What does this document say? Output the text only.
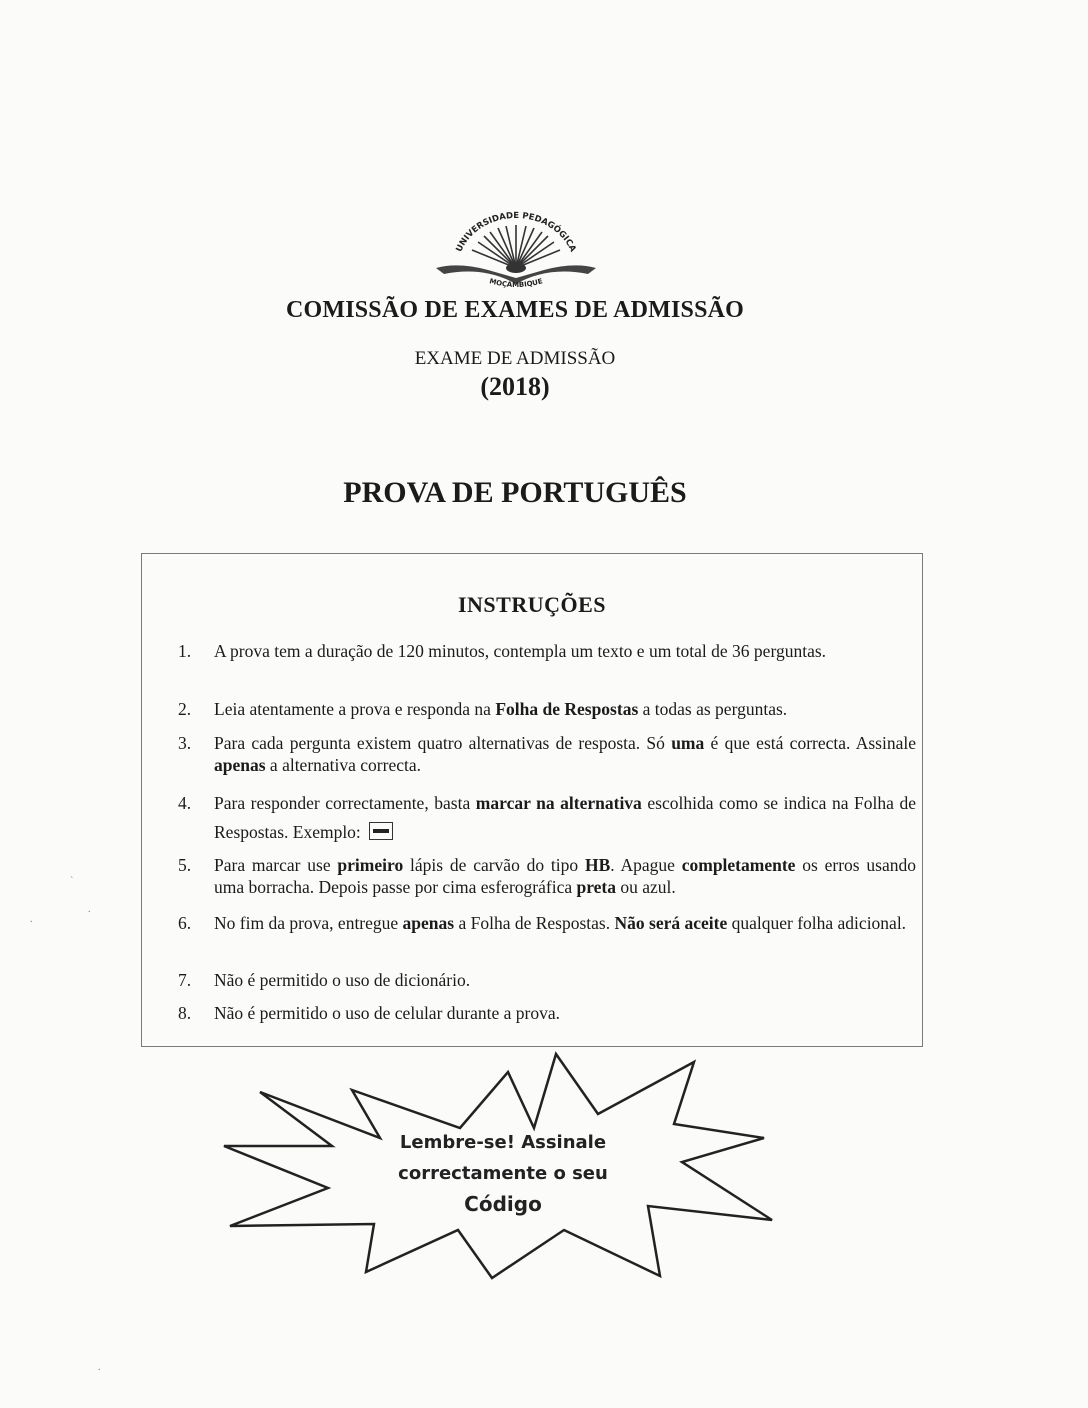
UNIVERSIDADE PEDAGÓGICA
MOÇAMBIQUE
COMISSÃO DE EXAMES DE ADMISSÃO
EXAME DE ADMISSÃO
(2018)
PROVA DE PORTUGUÊS
INSTRUÇÕES
1.	A prova tem a duração de 120 minutos, contempla um texto e um total de 36 perguntas.
2.	Leia atentamente a prova e responda na Folha de Respostas a todas as perguntas.
3.	Para cada pergunta existem quatro alternativas de resposta. Só uma é que está correcta. Assinale apenas a alternativa correcta.
4.	Para responder correctamente, basta marcar na alternativa escolhida como se indica na Folha de Respostas. Exemplo:
5.	Para marcar use primeiro lápis de carvão do tipo HB. Apague completamente os erros usando uma borracha. Depois passe por cima esferográfica preta ou azul.
6.	No fim da prova, entregue apenas a Folha de Respostas. Não será aceite qualquer folha adicional.
7.	Não é permitido o uso de dicionário.
8.	Não é permitido o uso de celular durante a prova.
Lembre-se! Assinale
correctamente o seu
Código
`
.
.
.
